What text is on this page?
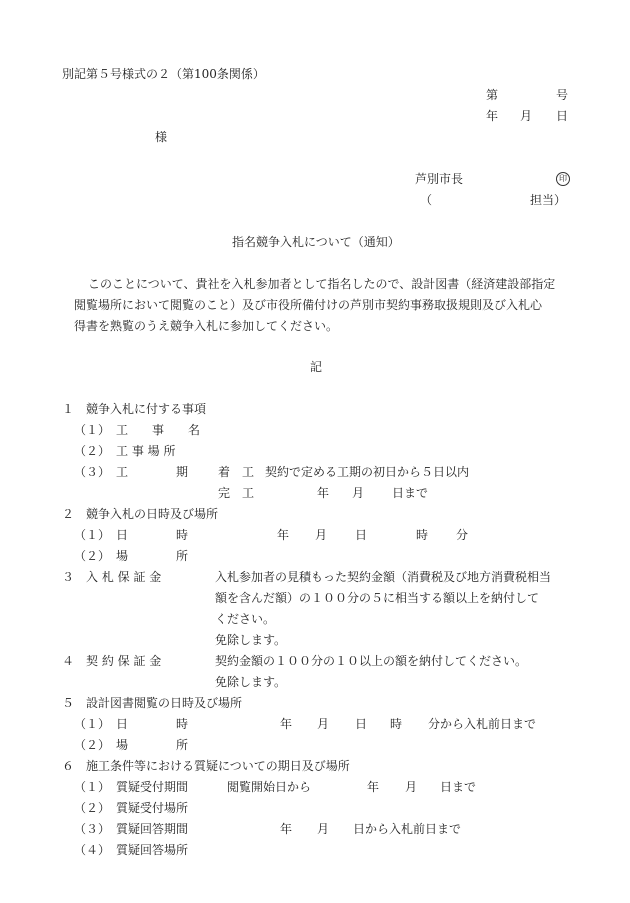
別記第５号様式の２（第100条関係）
第	号
年 月 日
様
芦別市長	印
（	担当）
指名競争入札について（通知）
このことについて、貴社を入札参加者として指名したので、設計図書（経済建設部指定
閲覧場所において閲覧のこと）及び市役所備付けの芦別市契約事務取扱規則及び入札心
得書を熟覧のうえ競争入札に参加してください。
記
１　競争入札に付する事項
（１）　工　　事　　名
（２）　工 事 場 所
（３）　工　　　　期 着　工 契約で定める工期の初日から５日以内
完　工	年 月 日まで
２　競争入札の日時及び場所
（１）　日　　　　時	年 月 日	時 分
（２）　場　　　　所
３　入 札 保 証 金	入札参加者の見積もった契約金額（消費税及び地方消費税相当
額を含んだ額）の１００分の５に相当する額以上を納付して
ください。
免除します。
４　契 約 保 証 金	契約金額の１００分の１０以上の額を納付してください。
免除します。
５　設計図書閲覧の日時及び場所
（１）　日　　　　時	年 月 日 時 分から入札前日まで
（２）　場　　　　所
６　施工条件等における質疑についての期日及び場所
（１）　質疑受付期間	閲覧開始日から	年 月 日まで
（２）　質疑受付場所
（３）　質疑回答期間	年 月 日から入札前日まで
（４）　質疑回答場所
